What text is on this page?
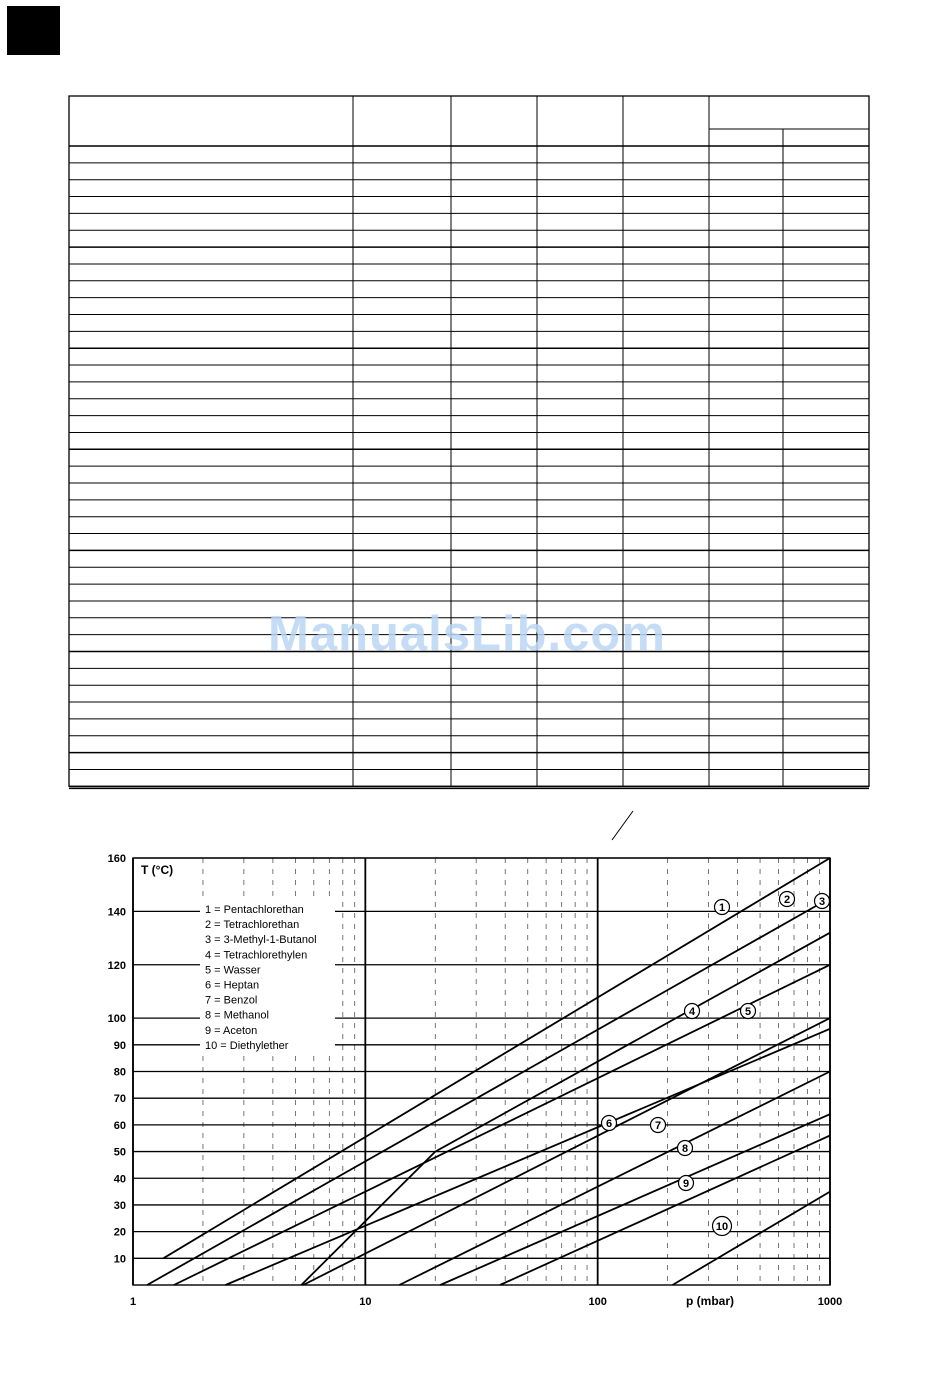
ManualsLib.com
1 = Pentachlorethan
2 = Tetrachlorethan
3 = 3-Methyl-1-Butanol
4 = Tetrachlorethylen
5 = Wasser
6 = Heptan
7 = Benzol
8 = Methanol
9 = Aceton
10 = Diethylether
T (°C)
p (mbar)
10
20
30
40
50
60
70
80
90
100
120
140
160
1	10	100	1000
1
2	3
4	5
6	7
8
9
10
